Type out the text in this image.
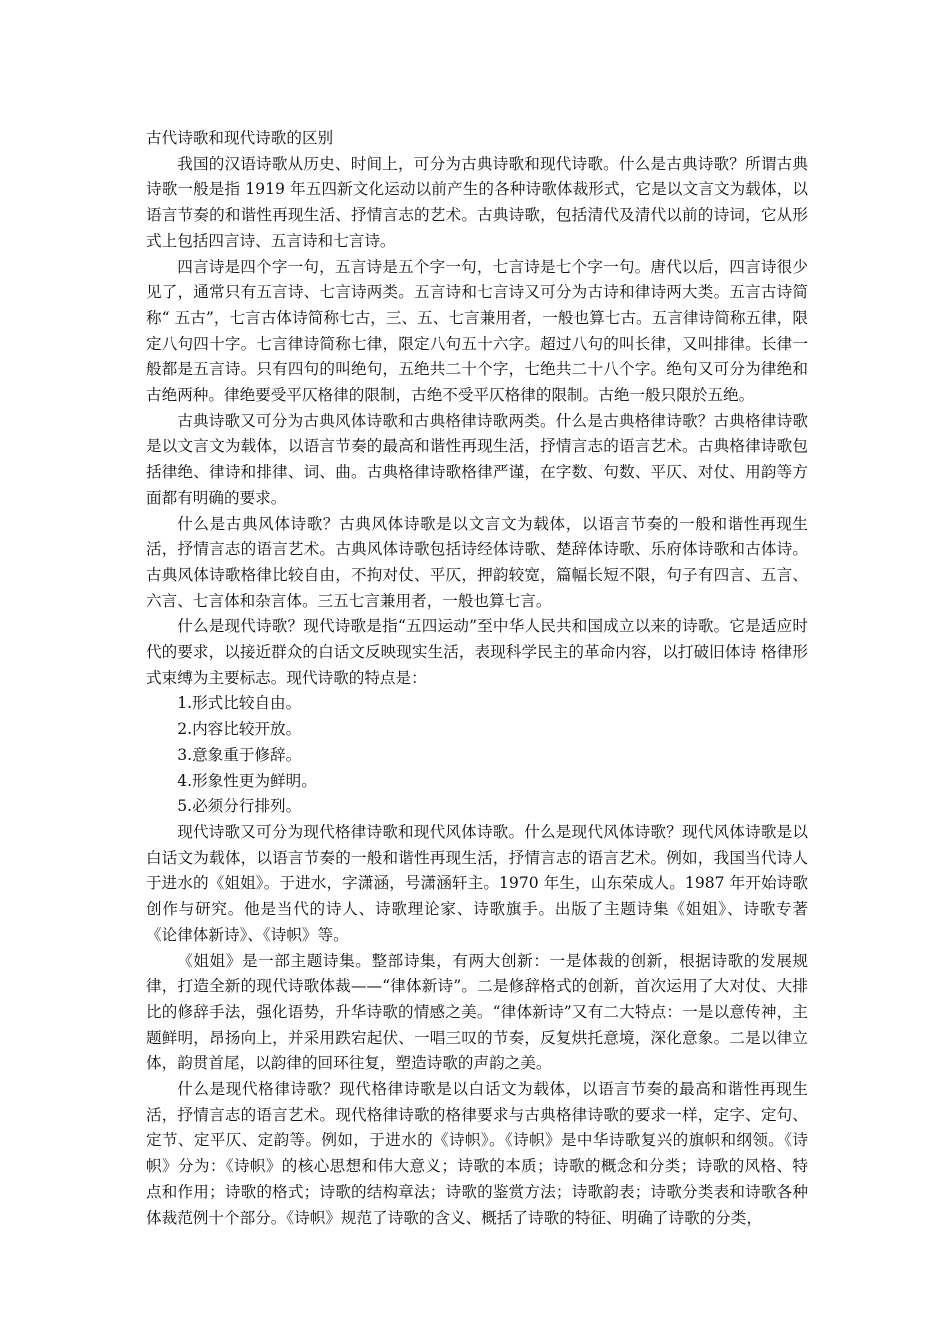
古代诗歌和现代诗歌的区别

我国的汉语诗歌从历史、时间上，可分为古典诗歌和现代诗歌。什么是古典诗歌？所谓古典诗歌一般是指 1919 年五四新文化运动以前产生的各种诗歌体裁形式，它是以文言文为载体，以语言节奏的和谐性再现生活、抒情言志的艺术。古典诗歌，包括清代及清代以前的诗词，它从形式上包括四言诗、五言诗和七言诗。

四言诗是四个字一句，五言诗是五个字一句，七言诗是七个字一句。唐代以后，四言诗很少见了，通常只有五言诗、七言诗两类。五言诗和七言诗又可分为古诗和律诗两大类。五言古诗简称“ 五古”，七言古体诗简称七古，三、五、七言兼用者，一般也算七古。五言律诗简称五律，限定八句四十字。七言律诗简称七律，限定八句五十六字。超过八句的叫长律，又叫排律。长律一般都是五言诗。只有四句的叫绝句，五绝共二十个字，七绝共二十八个字。绝句又可分为律绝和古绝两种。律绝要受平仄格律的限制，古绝不受平仄格律的限制。古绝一般只限於五绝。

古典诗歌又可分为古典风体诗歌和古典格律诗歌两类。什么是古典格律诗歌？古典格律诗歌是以文言文为载体，以语言节奏的最高和谐性再现生活，抒情言志的语言艺术。古典格律诗歌包括律绝、律诗和排律、词、曲。古典格律诗歌格律严谨，在字数、句数、平仄、对仗、用韵等方面都有明确的要求。

什么是古典风体诗歌？古典风体诗歌是以文言文为载体，以语言节奏的一般和谐性再现生活，抒情言志的语言艺术。古典风体诗歌包括诗经体诗歌、楚辞体诗歌、乐府体诗歌和古体诗。古典风体诗歌格律比较自由，不拘对仗、平仄，押韵较宽，篇幅长短不限，句子有四言、五言、六言、七言体和杂言体。三五七言兼用者，一般也算七言。

什么是现代诗歌？现代诗歌是指“五四运动”至中华人民共和国成立以来的诗歌。它是适应时代的要求，以接近群众的白话文反映现实生活，表现科学民主的革命内容，以打破旧体诗 格律形式束缚为主要标志。现代诗歌的特点是：

1.形式比较自由。

2.内容比较开放。

3.意象重于修辞。

4.形象性更为鲜明。

5.必须分行排列。

现代诗歌又可分为现代格律诗歌和现代风体诗歌。什么是现代风体诗歌？现代风体诗歌是以白话文为载体，以语言节奏的一般和谐性再现生活，抒情言志的语言艺术。例如，我国当代诗人于进水的《姐姐》。于进水，字潇涵，号潇涵轩主。1970 年生，山东荣成人。1987 年开始诗歌创作与研究。他是当代的诗人、诗歌理论家、诗歌旗手。出版了主题诗集《姐姐》、诗歌专著《论律体新诗》、《诗帜》等。

《姐姐》是一部主题诗集。整部诗集，有两大创新：一是体裁的创新，根据诗歌的发展规律，打造全新的现代诗歌体裁——“律体新诗”。二是修辞格式的创新，首次运用了大对仗、大排比的修辞手法，强化语势，升华诗歌的情感之美。“律体新诗”又有二大特点：一是以意传神，主题鲜明，昂扬向上，并采用跌宕起伏、一唱三叹的节奏，反复烘托意境，深化意象。二是以律立体，韵贯首尾，以韵律的回环往复，塑造诗歌的声韵之美。

什么是现代格律诗歌？现代格律诗歌是以白话文为载体，以语言节奏的最高和谐性再现生活，抒情言志的语言艺术。现代格律诗歌的格律要求与古典格律诗歌的要求一样，定字、定句、定节、定平仄、定韵等。例如，于进水的《诗帜》。《诗帜》是中华诗歌复兴的旗帜和纲领。《诗帜》分为：《诗帜》的核心思想和伟大意义；诗歌的本质；诗歌的概念和分类；诗歌的风格、特点和作用；诗歌的格式；诗歌的结构章法；诗歌的鉴赏方法；诗歌韵表；诗歌分类表和诗歌各种体裁范例十个部分。《诗帜》规范了诗歌的含义、概括了诗歌的特征、明确了诗歌的分类，
